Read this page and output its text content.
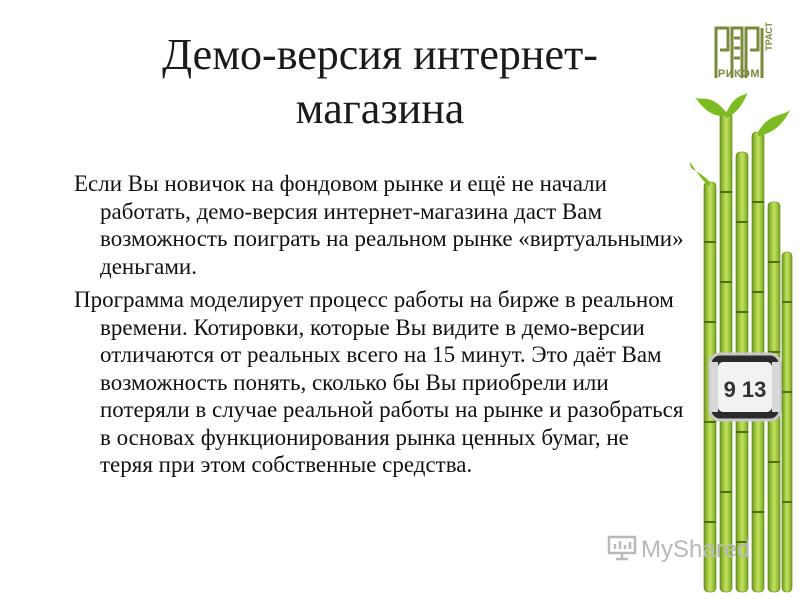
Демо-версия интернет-магазина

Если Вы новичок на фондовом рынке и ещё не начали работать, демо-версия интернет-магазина даст Вам возможность поиграть на реальном рынке «виртуальными» деньгами.

Программа моделирует процесс работы на бирже в реальном времени. Котировки, которые Вы видите в демо-версии отличаются от реальных всего на 15 минут. Это даёт Вам возможность понять, сколько бы Вы приобрели или потеряли в случае реальной работы на рынке и разобраться в основах функционирования рынка ценных бумаг, не теряя при этом собственные средства.

РИКОМ
ТРАСТ
9 13
MyShared
